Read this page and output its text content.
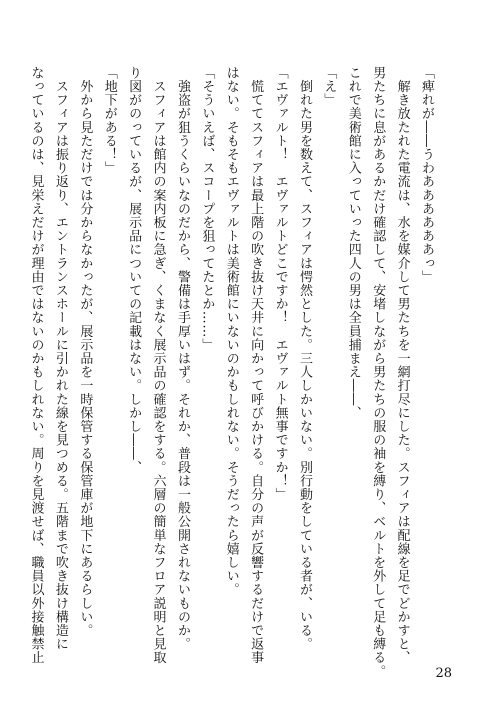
「痺れが――うわああああああっ」
　解き放たれた電流は、水を媒介して男たちを一網打尽にした。スフィアは配線を足でどかすと、
男たちに息があるかだけ確認して、安堵しながら男たちの服の袖を縛り、ベルトを外して足も縛る。
これで美術館に入っていった四人の男は全員捕まえ――、
「え」
　倒れた男を数えて、スフィアは愕然とした。三人しかいない。別行動をしている者が、いる。
「エヴァルト！　エヴァルトどこですか！　エヴァルト無事ですか！」
　慌ててスフィアは最上階の吹き抜け天井に向かって呼びかける。自分の声が反響するだけで返事
はない。そもそもエヴァルトは美術館にいないのかもしれない。そうだったら嬉しい。
「そういえば、スコープを狙ってたとか……」
　強盗が狙うくらいなのだから、警備は手厚いはず。それか、普段は一般公開されないものか。
　スフィアは館内の案内板に急ぎ、くまなく展示品の確認をする。六層の簡単なフロア説明と見取
り図がのっているが、展示品についての記載はない。しかし――、
「地下がある！」
　外から見ただけでは分からなかったが、展示品を一時保管する保管庫が地下にあるらしい。
　スフィアは振り返り、エントランスホールに引かれた線を見つめる。五階まで吹き抜け構造に
なっているのは、見栄えだけが理由ではないのかもしれない。周りを見渡せば、職員以外接触禁止
28
